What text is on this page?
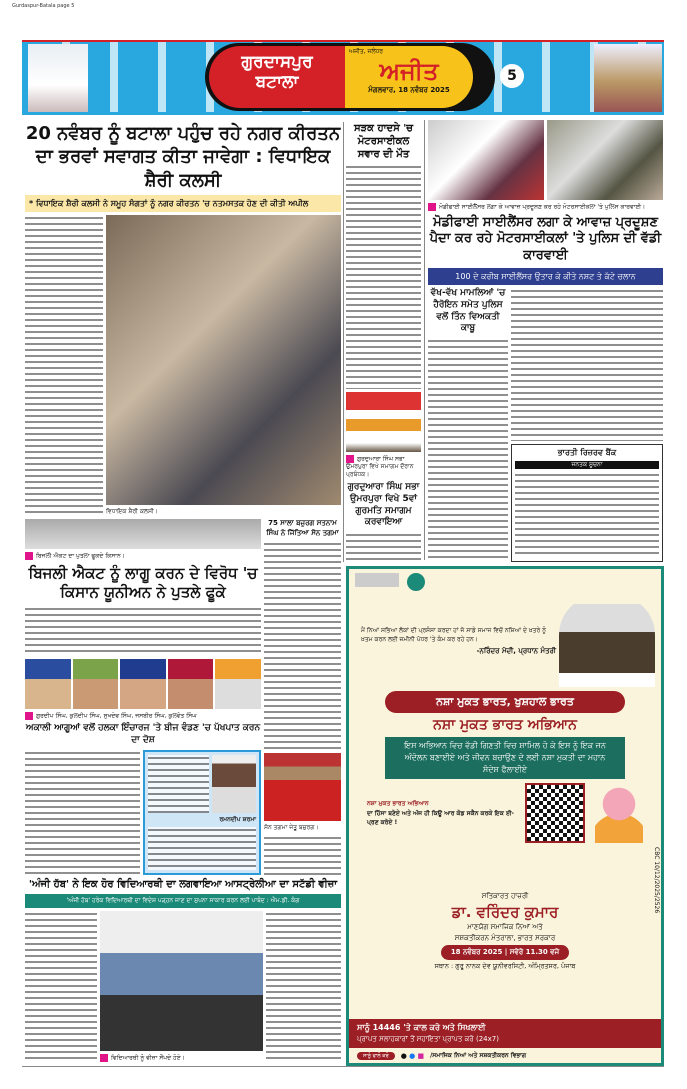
Gurdaspur-Batala page 5
ਗੁਰਦਾਸਪੁਰ
ਬਟਾਲਾ
ਅਜੀਤ, ਜਲੰਧਰ
ਅਜੀਤ
ਮੰਗਲਵਾਰ, 18 ਨਵੰਬਰ 2025
5
20 ਨਵੰਬਰ ਨੂੰ ਬਟਾਲਾ ਪਹੁੰਚ ਰਹੇ ਨਗਰ ਕੀਰਤਨ ਦਾ ਭਰਵਾਂ ਸਵਾਗਤ ਕੀਤਾ ਜਾਵੇਗਾ : ਵਿਧਾਇਕ ਸ਼ੈਰੀ ਕਲਸੀ
* ਵਿਧਾਇਕ ਸ਼ੈਰੀ ਕਲਸੀ ਨੇ ਸਮੂਹ ਸੰਗਤਾਂ ਨੂੰ ਨਗਰ ਕੀਰਤਨ 'ਚ ਨਤਮਸਤਕ ਹੋਣ ਦੀ ਕੀਤੀ ਅਪੀਲ
ਵਿਧਾਇਕ ਸ਼ੈਰੀ ਕਲਸੀ।
ਬਿਜਲੀ ਐਕਟ ਦਾ ਪੁਤਲਾ ਫੂਕਦੇ ਕਿਸਾਨ।
ਬਿਜਲੀ ਐਕਟ ਨੂੰ ਲਾਗੂ ਕਰਨ ਦੇ ਵਿਰੋਧ 'ਚ ਕਿਸਾਨ ਯੂਨੀਅਨ ਨੇ ਪੁਤਲੇ ਫੂਕੇ
ਗੁਰਦੀਪ ਸਿੰਘ, ਕੁਲਦੀਪ ਸਿੰਘ, ਸੁਖਦੇਵ ਸਿੰਘ, ਜਸਬੀਰ ਸਿੰਘ, ਕੁਲਵੰਤ ਸਿੰਘ
ਅਕਾਲੀ ਆਗੂਆਂ ਵਲੋਂ ਹਲਕਾ ਇੰਚਾਰਜ 'ਤੇ ਬੀਜ ਵੰਡਣ 'ਚ ਪੱਖਪਾਤ ਕਰਨ ਦਾ ਦੋਸ਼
ਰਮਨਦੀਪ ਸ਼ਰਮਾ
75 ਸਾਲਾ ਬਜ਼ੁਰਗ ਸਤਨਾਮ ਸਿੰਘ ਨੇ ਜਿੱਤਿਆ ਸੋਨ ਤਗਮਾ
ਸੋਨ ਤਗਮਾ ਜੇਤੂ ਬਜ਼ੁਰਗ।
'ਅੰਜੀ ਹੱਬ' ਨੇ ਇਕ ਹੋਰ ਵਿਦਿਆਰਥੀ ਦਾ ਲਗਵਾਇਆ ਆਸਟ੍ਰੇਲੀਆ ਦਾ ਸਟੱਡੀ ਵੀਜ਼ਾ
'ਅੰਜੀ ਹੱਬ' ਹਰੇਕ ਵਿਦਿਆਰਥੀ ਦਾ ਵਿਦੇਸ਼ ਪੜ੍ਹਨ ਜਾਣ ਦਾ ਸੁਪਨਾ ਸਾਕਾਰ ਕਰਨ ਲਈ ਪਾਬੰਦ : ਐਮ.ਡੀ. ਕੰਗ
ਵਿਦਿਆਰਥੀ ਨੂੰ ਵੀਜ਼ਾ ਸੌਂਪਦੇ ਹੋਏ।
ਸੜਕ ਹਾਦਸੇ 'ਚ ਮੋਟਰਸਾਈਕਲ ਸਵਾਰ ਦੀ ਮੌਤ
ਗੁਰਦੁਆਰਾ ਸਿੰਘ ਸਭਾ ਉਮਰਪੁਰਾ ਵਿਖੇ ਸਮਾਗਮ ਦੌਰਾਨ ਪ੍ਰਬੰਧਕ।
ਗੁਰਦੁਆਰਾ ਸਿੰਘ ਸਭਾ ਉਮਰਪੁਰਾ ਵਿਖੇ 5ਵਾਂ ਗੁਰਮਤਿ ਸਮਾਗਮ ਕਰਵਾਇਆ
ਮੋਡੀਫਾਈ ਸਾਈਲੈਂਸਰ ਲਗਾ ਕੇ ਆਵਾਜ਼ ਪ੍ਰਦੂਸ਼ਣ ਕਰ ਰਹੇ ਮੋਟਰਸਾਈਕਲਾਂ 'ਤੇ ਪੁਲਿਸ ਕਾਰਵਾਈ।
ਮੋਡੀਫਾਈ ਸਾਈਲੈਂਸਰ ਲਗਾ ਕੇ ਆਵਾਜ਼ ਪ੍ਰਦੂਸ਼ਣ ਪੈਦਾ ਕਰ ਰਹੇ ਮੋਟਰਸਾਈਕਲਾਂ 'ਤੇ ਪੁਲਿਸ ਦੀ ਵੱਡੀ ਕਾਰਵਾਈ
100 ਦੇ ਕਰੀਬ ਸਾਈਲੈਂਸਰ ਉਤਾਰ ਕੇ ਕੀਤੇ ਨਸ਼ਟ ਤੇ ਕੱਟੇ ਚਲਾਨ
ਵੱਖ-ਵੱਖ ਮਾਮਲਿਆਂ 'ਚ ਹੈਰੋਇਨ ਸਮੇਤ ਪੁਲਿਸ ਵਲੋਂ ਤਿੰਨ ਵਿਅਕਤੀ ਕਾਬੂ
ਭਾਰਤੀ ਰਿਜ਼ਰਵ ਬੈਂਕ
ਜਨਤਕ ਸੂਚਨਾ
ਮੈਂ ਨਿਆਂ ਸਭਿਆ ਲੋਕਾਂ ਦੀ ਪ੍ਰਸੰਸਾ ਕਰਦਾ ਹਾਂ ਜੋ ਸਾਡੇ ਸਮਾਜ ਵਿਚੋਂ ਨਸ਼ਿਆਂ ਦੇ ਖ਼ਤਰੇ ਨੂੰ ਖ਼ਤਮ ਕਰਨ ਲਈ ਜ਼ਮੀਨੀ ਪੱਧਰ 'ਤੇ ਕੰਮ ਕਰ ਰਹੇ ਹਨ।
-ਨਰਿੰਦਰ ਮੋਦੀ, ਪ੍ਰਧਾਨ ਮੰਤਰੀ
ਨਸ਼ਾ ਮੁਕਤ ਭਾਰਤ, ਖੁਸ਼ਹਾਲ ਭਾਰਤ
ਨਸ਼ਾ ਮੁਕਤ ਭਾਰਤ ਅਭਿਆਨ
ਇਸ ਅਭਿਆਨ ਵਿਚ ਵੱਡੀ ਗਿਣਤੀ ਵਿਚ ਸ਼ਾਮਿਲ ਹੋ ਕੇ ਇਸ ਨੂੰ ਇਕ ਜਨ ਅੰਦੋਲਨ ਬਣਾਈਏ ਅਤੇ ਜੀਵਨ ਬਚਾਉਣ ਦੇ ਲਈ ਨਸ਼ਾ ਮੁਕਤੀ ਦਾ ਮਹਾਨ ਸੰਦੇਸ਼ ਫੈਲਾਈਏ
ਨਸ਼ਾ ਮੁਕਤ ਭਾਰਤ ਅਭਿਆਨ
ਦਾ ਹਿੱਸਾ ਬਣੋਏ ਅਤੇ ਅੱਜ ਹੀ ਕਿਊ ਆਰ ਕੋਡ ਸਕੈਨ ਕਰਕੇ ਇਕ ਈ-ਪ੍ਰਣ ਕਰੋਏ !
ਸਤਿਕਾਰਤ ਹਾਜ਼ਰੀ
ਡਾ. ਵਰਿੰਦਰ ਕੁਮਾਰ
ਮਾਣਯੋਗ ਸਮਾਜਿਕ ਨਿਆਂ ਅਤੇ
ਸਸ਼ਕਤੀਕਰਨ ਮੰਤਰਾਲਾ, ਭਾਰਤ ਸਰਕਾਰ
18 ਨਵੰਬਰ 2025 | ਸਵੇਰੇ 11.30 ਵਜੇ
ਸਥਾਨ : ਗੁਰੂ ਨਾਨਕ ਦੇਵ ਯੂਨੀਵਰਸਿਟੀ, ਅੰਮ੍ਰਿਤਸਰ, ਪੰਜਾਬ
CBC 10/12/2025/2526
ਸਾਨੂੰ 14446 'ਤੇ ਕਾਲ ਕਰੋ ਅਤੇ ਸਿਖਲਾਈ
ਪ੍ਰਾਪਤ ਸਲਾਹਕਾਰਾਂ ਤੋਂ ਸਹਾਇਤਾ ਪ੍ਰਾਪਤ ਕਰੋ (24x7)
ਸਾਨੂੰ ਫਾਲੋ ਕਰੋ	● ● ■ /ਸਮਾਜਿਕ ਨਿਆਂ ਅਤੇ ਸਸ਼ਕਤੀਕਰਨ ਵਿਭਾਗ
